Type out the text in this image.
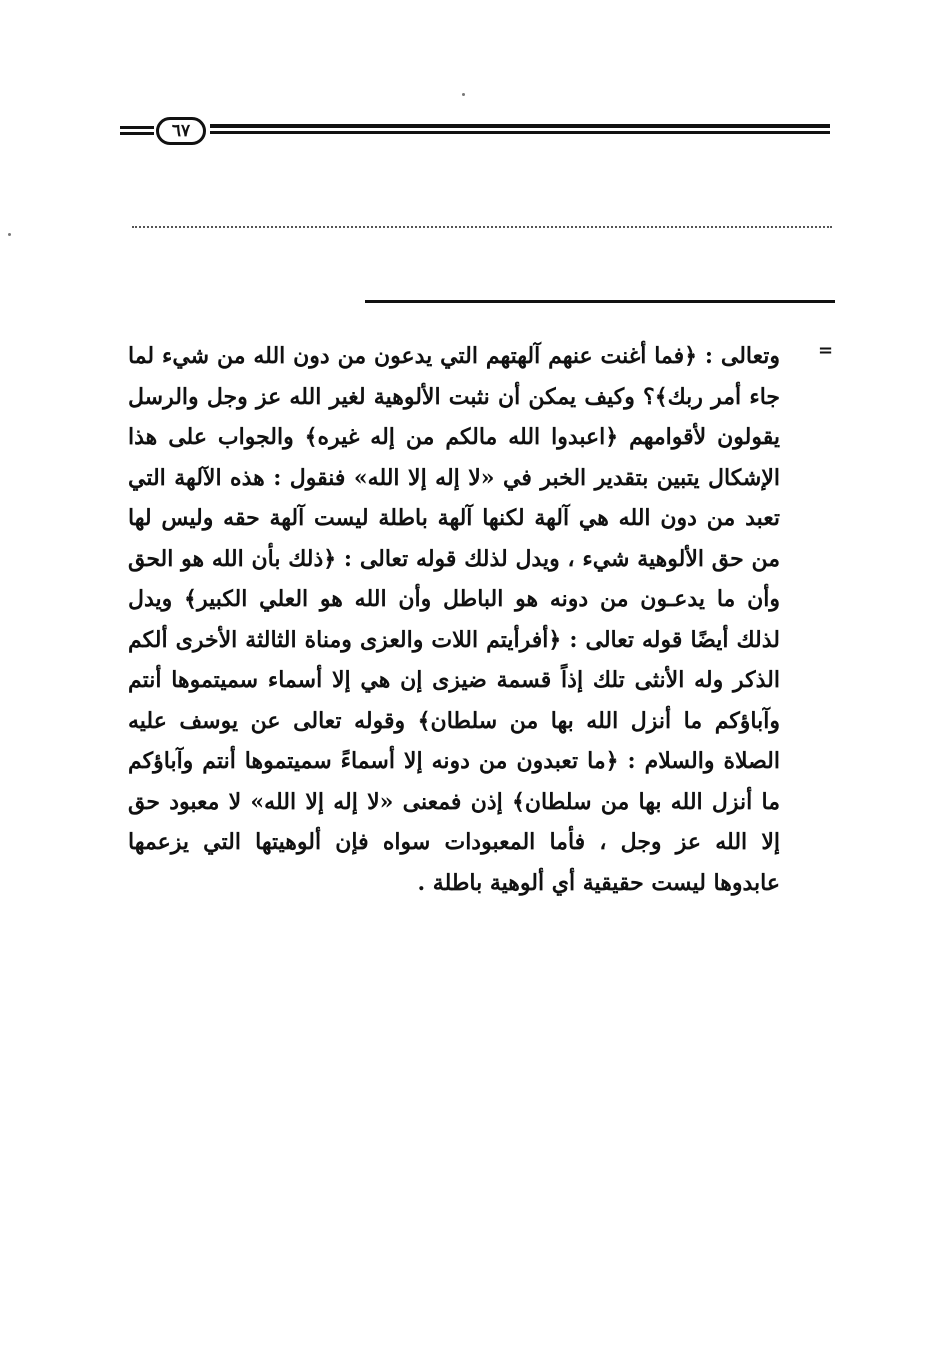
٦٧
=

وتعالى : ﴿فما أغنت عنهم آلهتهم التي يدعون من دون الله من شيء لما جاء أمر ربك﴾؟ وكيف يمكن أن نثبت الألوهية لغير الله عز وجل والرسل يقولون لأقوامهم ﴿اعبدوا الله مالكم من إله غيره﴾ والجواب على هذا الإشكال يتبين بتقدير الخبر في «لا إله إلا الله» فنقول : هذه الآلهة التي تعبد من دون الله هي آلهة لكنها آلهة باطلة ليست آلهة حقه وليس لها من حق الألوهية شيء ، ويدل لذلك قوله تعالى : ﴿ذلك بأن الله هو الحق وأن ما يدعـون من دونه هو الباطل وأن الله هو العلي الكبير﴾ ويدل لذلك أيضًا قوله تعالى : ﴿أفرأيتم اللات والعزى ومناة الثالثة الأخرى ألكم الذكر وله الأنثى تلك إذاً قسمة ضيزى إن هي إلا أسماء سميتموها أنتم وآباؤكم ما أنزل الله بها من سلطان﴾ وقوله تعالى عن يوسف عليه الصلاة والسلام : ﴿ما تعبدون من دونه إلا أسماءً سميتموها أنتم وآباؤكم ما أنزل الله بها من سلطان﴾ إذن فمعنى «لا إله إلا الله» لا معبود حق إلا الله عز وجل ، فأما المعبودات سواه فإن ألوهيتها التي يزعمها عابدوها ليست حقيقية أي ألوهية باطلة .
